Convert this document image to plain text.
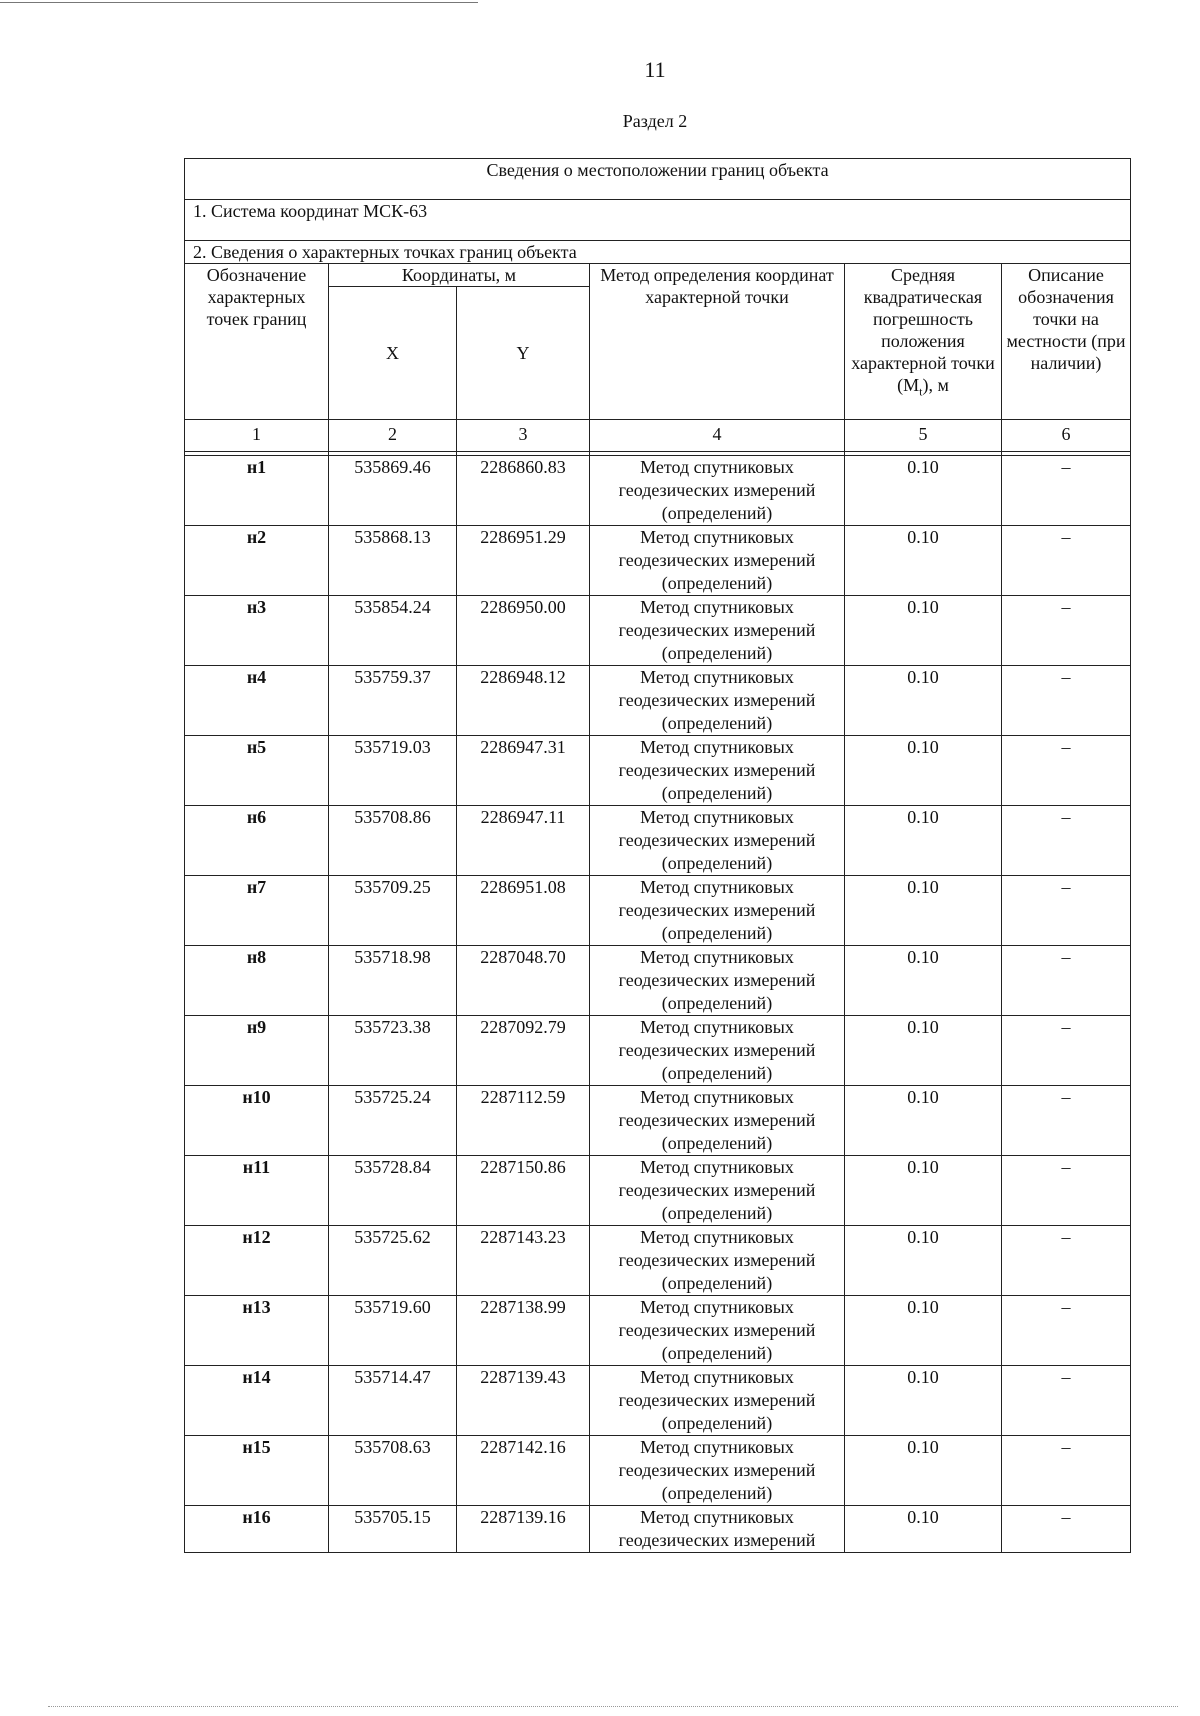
11
Раздел 2
Сведения о местоположении границ объекта					
1. Система координат МСК-63					
2. Сведения о характерных точках границ объекта					
Обозначение характерных точек границ	Координаты, м		Метод определения координат характерной точки	Средняя квадратическая погрешность положения характерной точки $(M_t)$, м	Описание обозначения точки на местности (при наличии)
	X	Y			
1	2	3	4	5	6

н1	535869.46	2286860.83	Метод спутниковых геодезических измерений (определений)	0.10	–
н2	535868.13	2286951.29	Метод спутниковых геодезических измерений (определений)	0.10	–
н3	535854.24	2286950.00	Метод спутниковых геодезических измерений (определений)	0.10	–
н4	535759.37	2286948.12	Метод спутниковых геодезических измерений (определений)	0.10	–
н5	535719.03	2286947.31	Метод спутниковых геодезических измерений (определений)	0.10	–
н6	535708.86	2286947.11	Метод спутниковых геодезических измерений (определений)	0.10	–
н7	535709.25	2286951.08	Метод спутниковых геодезических измерений (определений)	0.10	–
н8	535718.98	2287048.70	Метод спутниковых геодезических измерений (определений)	0.10	–
н9	535723.38	2287092.79	Метод спутниковых геодезических измерений (определений)	0.10	–
н10	535725.24	2287112.59	Метод спутниковых геодезических измерений (определений)	0.10	–
н11	535728.84	2287150.86	Метод спутниковых геодезических измерений (определений)	0.10	–
н12	535725.62	2287143.23	Метод спутниковых геодезических измерений (определений)	0.10	–
н13	535719.60	2287138.99	Метод спутниковых геодезических измерений (определений)	0.10	–
н14	535714.47	2287139.43	Метод спутниковых геодезических измерений (определений)	0.10	–
н15	535708.63	2287142.16	Метод спутниковых геодезических измерений (определений)	0.10	–
н16	535705.15	2287139.16	Метод спутниковых геодезических измерений	0.10	–
